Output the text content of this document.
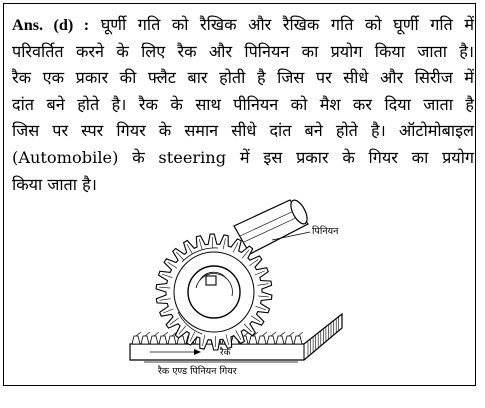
Ans. (d) : घूर्णी गति को रैखिक और रैखिक गति को घूर्णी गति में
परिवर्तित करने के लिए रैक और पिनियन का प्रयोग किया जाता है।
रैक एक प्रकार की फ्लैट बार होती है जिस पर सीधे और सिरीज में
दांत बने होते है। रैक के साथ पीनियन को मैश कर दिया जाता है
जिस पर स्पर गियर के समान सीधे दांत बने होते है। ऑटोमोबाइल
(Automobile) के steering में इस प्रकार के गियर का प्रयोग
किया जाता है।
पिनियन
रैक
रैक एण्ड पिनियन गियर
